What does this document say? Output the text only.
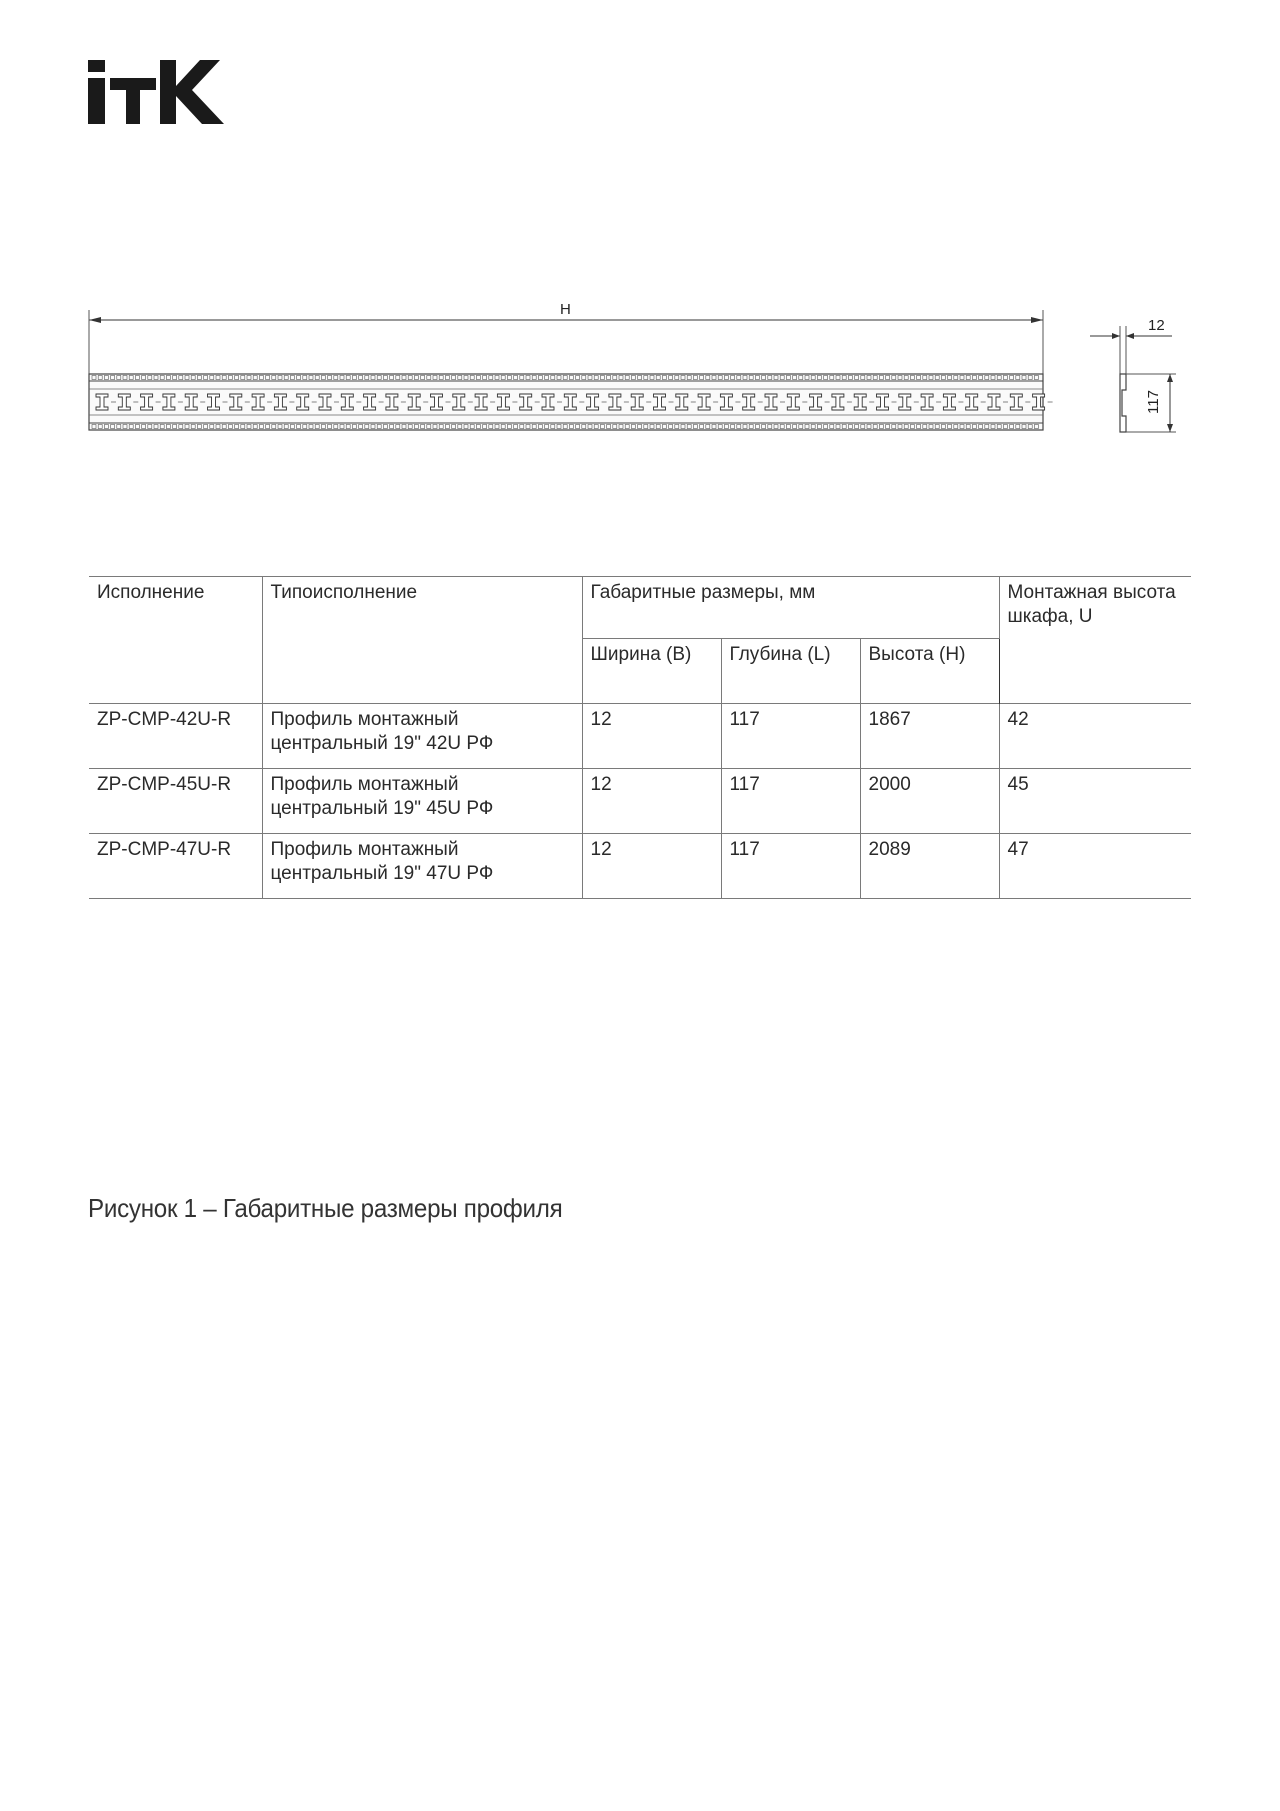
H
12
117
Исполнение	Типоисполнение	Габаритные размеры, мм			Монтажная высота шкафа, U
		Ширина (В)	Глубина (L)	Высота (Н)	
ZP-CMP-42U-R	Профиль монтажный центральный 19" 42U РФ	12	117	1867	42
ZP-CMP-45U-R	Профиль монтажный центральный 19" 45U РФ	12	117	2000	45
ZP-CMP-47U-R	Профиль монтажный центральный 19" 47U РФ	12	117	2089	47
Рисунок 1 – Габаритные размеры профиля
